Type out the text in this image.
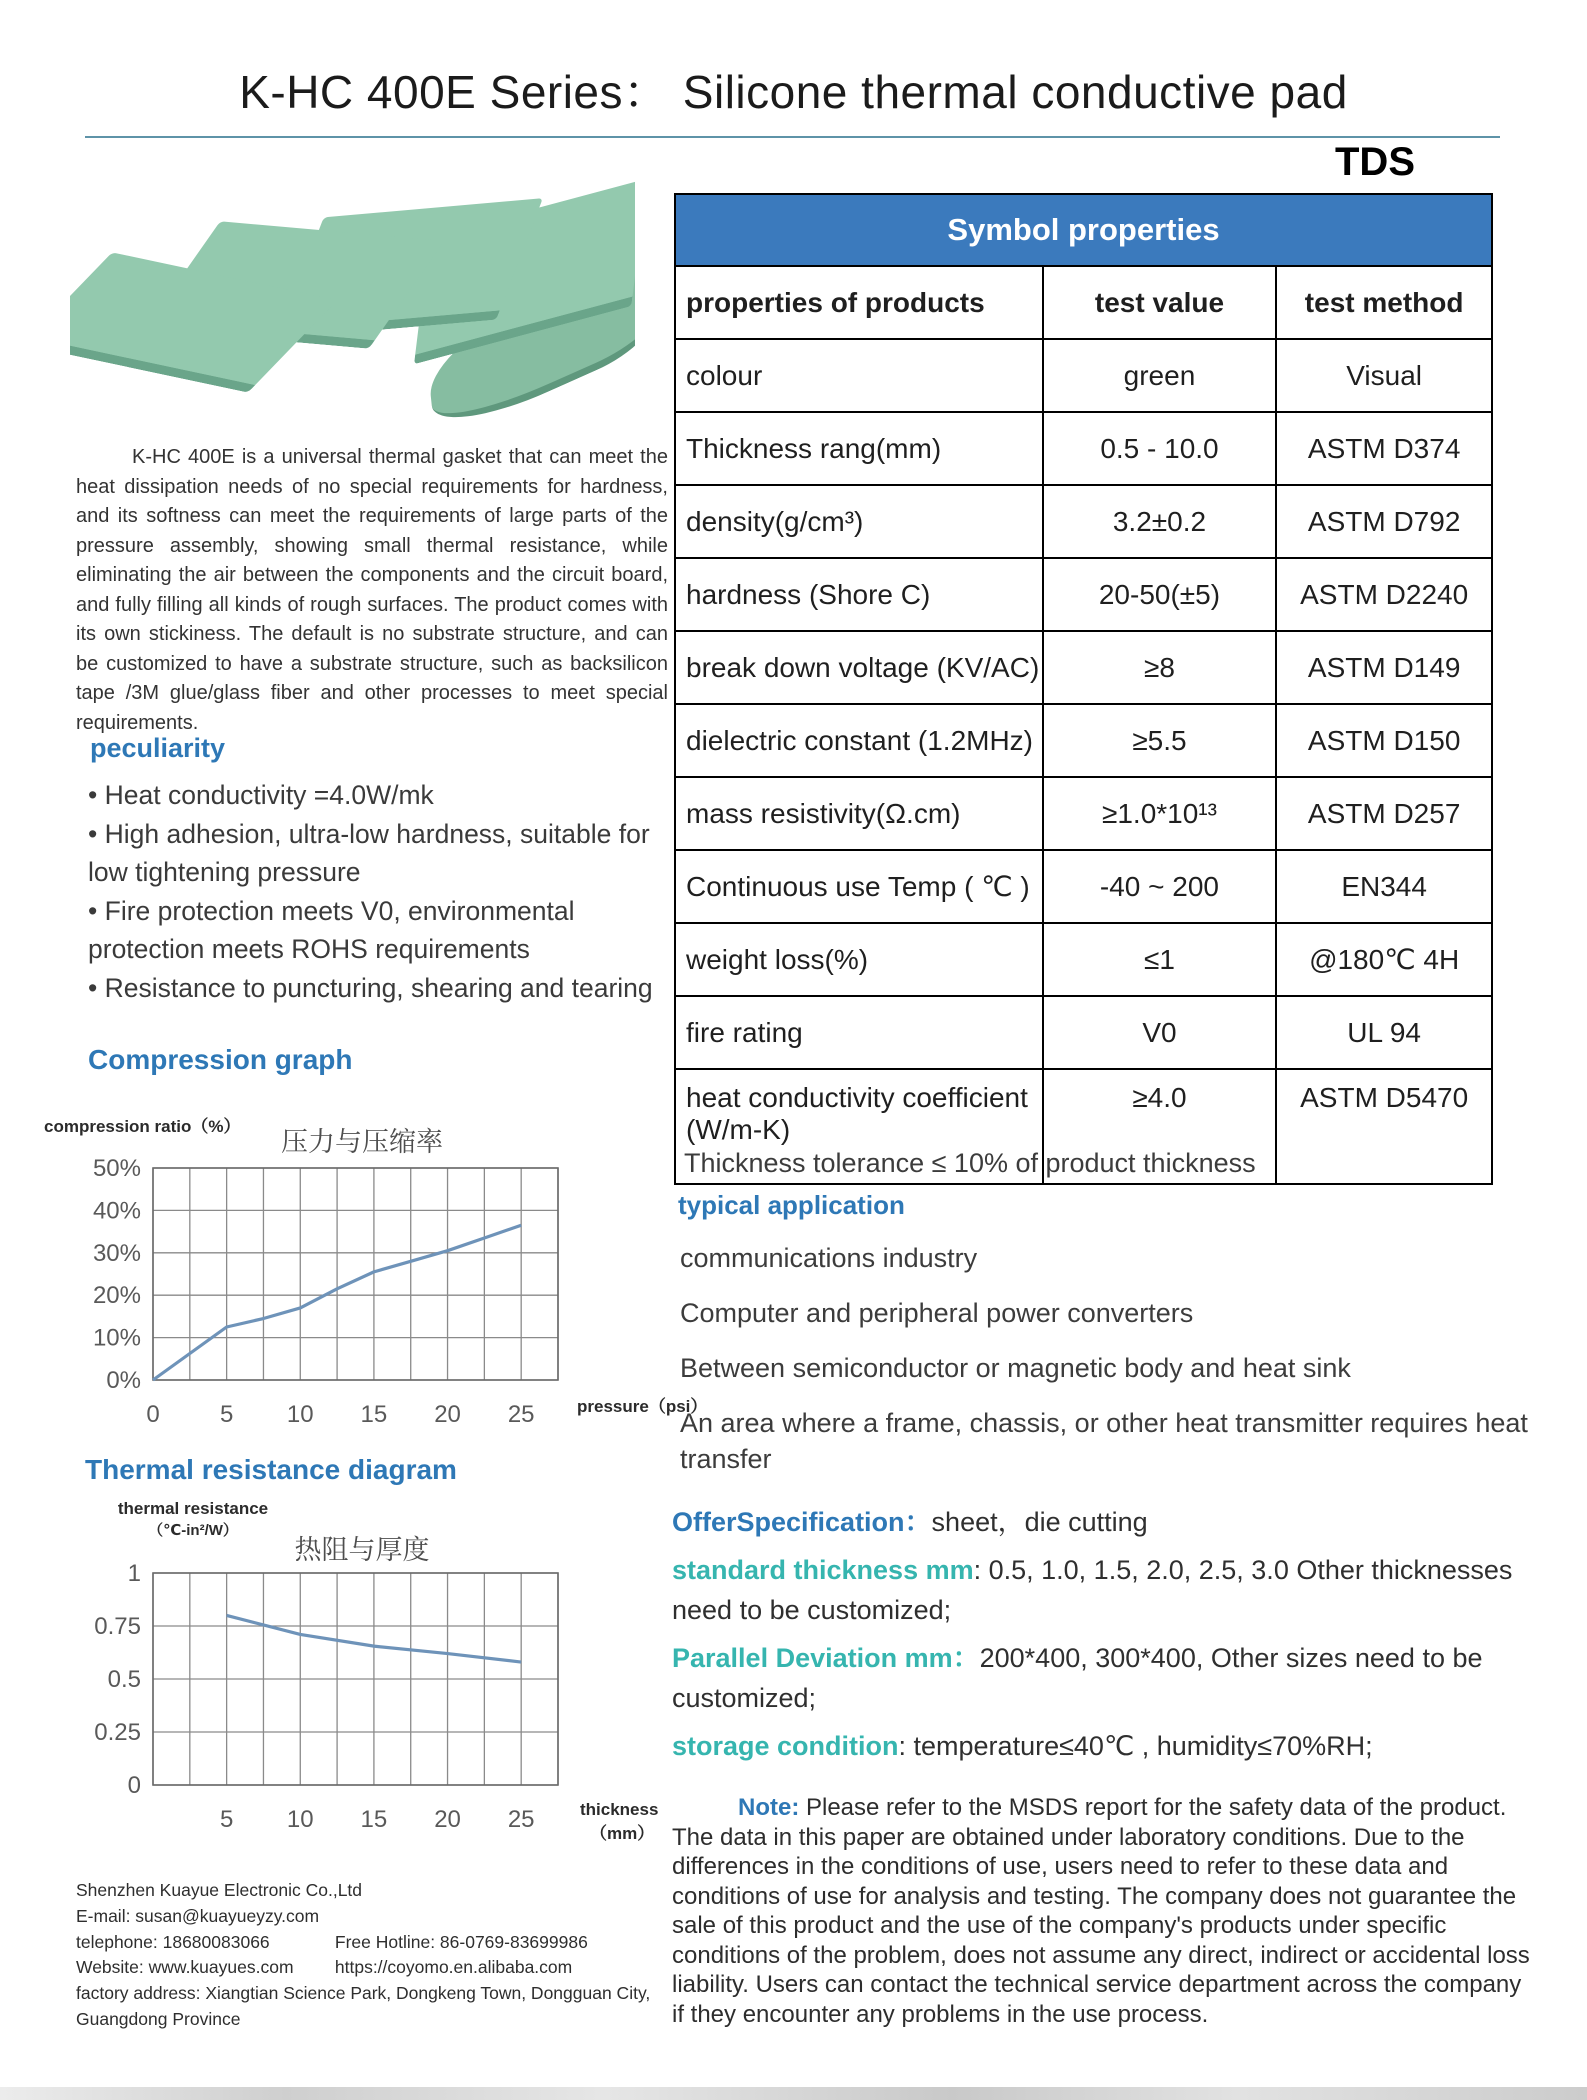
K-HC 400E Series： Silicone thermal conductive pad
TDS
K-HC 400E is a universal thermal gasket that can meet the heat dissipation needs of no special requirements for hardness, and its softness can meet the requirements of large parts of the pressure assembly, showing small thermal resistance, while eliminating the air between the components and the circuit board, and fully filling all kinds of rough surfaces. The product comes with its own stickiness. The default is no substrate structure, and can be customized to have a substrate structure, such as backsilicon tape /3M glue/glass fiber and other processes to meet special requirements.
peculiarity
• Heat conductivity =4.0W/mk
• High adhesion, ultra-low hardness, suitable for low tightening pressure
• Fire protection meets V0, environmental protection meets ROHS requirements
• Resistance to puncturing, shearing and tearing
Compression graph
compression ratio（%）
压力与压缩率
50%
40%
30%
20%
10%
0%
0	5 10 15 20 25 pressure（psi）
Thermal resistance diagram
thermal resistance
（℃-in²/W）
热阻与厚度
1
0.75
0.5
0.25
0
5 10 15 20 25	thickness
（mm）
Shenzhen Kuayue Electronic Co.,Ltd
E-mail: susan@kuayueyzy.com
telephone: 18680083066	Free Hotline: 86-0769-83699986
Website: www.kuayues.com https://coyomo.en.alibaba.com
factory address: Xiangtian Science Park, Dongkeng Town, Dongguan City, Guangdong Province
Symbol properties		
properties of products	test value	test method
colour	green	Visual
Thickness rang(mm)	0.5 - 10.0	ASTM D374
density(g/cm³)	3.2±0.2	ASTM D792
hardness (Shore C)	20-50(±5)	ASTM D2240
break down voltage (KV/AC)	≥8	ASTM D149
dielectric constant (1.2MHz)	≥5.5	ASTM D150
mass resistivity(Ω.cm)	≥1.0*10¹³	ASTM D257
Continuous use Temp ( ℃ )	-40 ~ 200	EN344
weight loss(%)	≤1	@180℃ 4H
fire rating	V0	UL 94
heat conductivity coefficient (W/m-K)	≥4.0	ASTM D5470
Thickness tolerance ≤ 10% of product thickness
typical application
communications industry
Computer and peripheral power converters
Between semiconductor or magnetic body and heat sink
An area where a frame, chassis, or other heat transmitter requires heat transfer

OfferSpecification：sheet，die cutting

standard thickness mm: 0.5, 1.0, 1.5, 2.0, 2.5, 3.0 Other thicknesses need to be customized;

Parallel Deviation mm：200*400, 300*400, Other sizes need to be customized;

storage condition: temperature≤40℃ , humidity≤70%RH;

Note: Please refer to the MSDS report for the safety data of the product. The data in this paper are obtained under laboratory conditions. Due to the differences in the conditions of use, users need to refer to these data and conditions of use for analysis and testing. The company does not guarantee the sale of this product and the use of the company's products under specific conditions of the problem, does not assume any direct, indirect or accidental loss liability. Users can contact the technical service department across the company if they encounter any problems in the use process.
